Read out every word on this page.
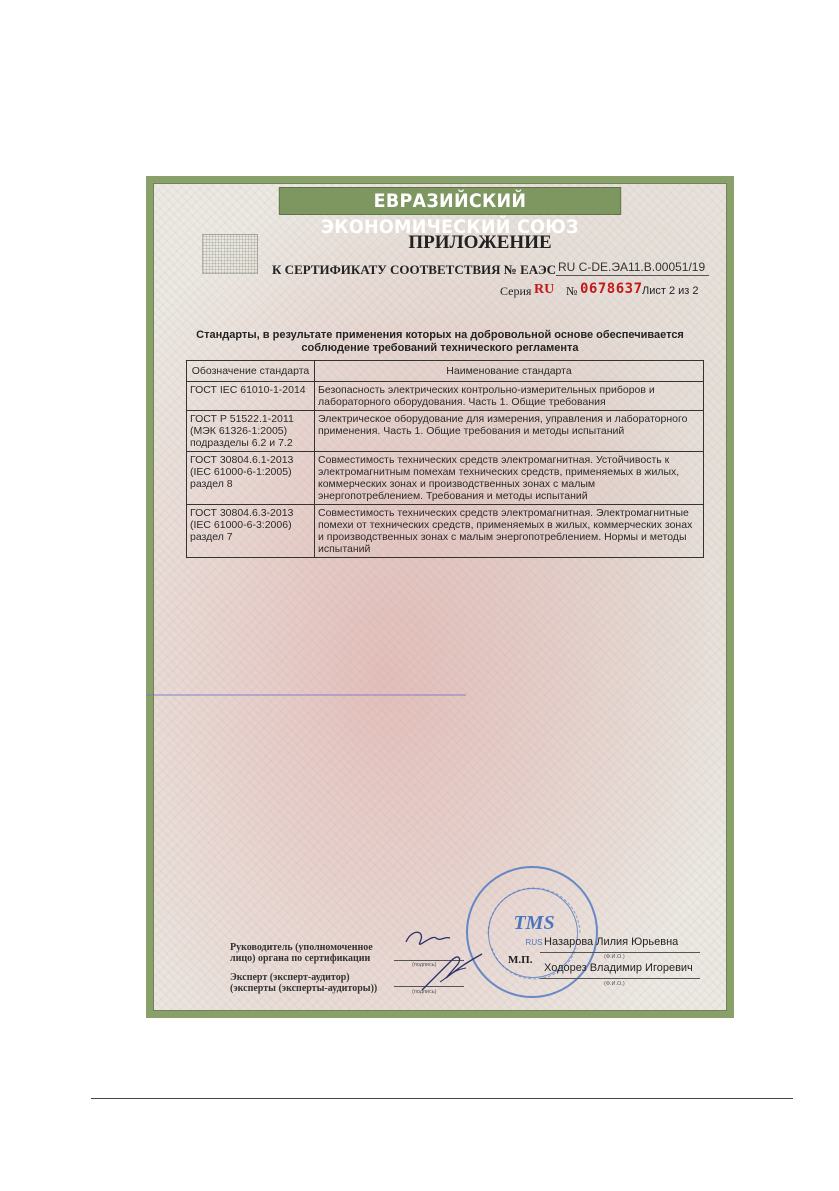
ЕВРАЗИЙСКИЙ ЭКОНОМИЧЕСКИЙ СОЮЗ
ПРИЛОЖЕНИЕ
К СЕРТИФИКАТУ СООТВЕТСТВИЯ № ЕАЭС RU C-DE.ЭА11.В.00051/19
Серия RU № 0678637 Лист 2 из 2
Стандарты, в результате применения которых на добровольной основе обеспечивается соблюдение требований технического регламента
Обозначение стандарта	Наименование стандарта
ГОСТ IEC 61010-1-2014	Безопасность электрических контрольно-измерительных приборов и лабораторного оборудования. Часть 1. Общие требования
ГОСТ Р 51522.1-2011 (МЭК 61326-1:2005) подразделы 6.2 и 7.2	Электрическое оборудование для измерения, управления и лабораторного применения. Часть 1. Общие требования и методы испытаний
ГОСТ 30804.6.1-2013 (IEC 61000-6-1:2005) раздел 8	Совместимость технических средств электромагнитная. Устойчивость к электромагнитным помехам технических средств, применяемых в жилых, коммерческих зонах и производственных зонах с малым энергопотреблением. Требования и методы испытаний
ГОСТ 30804.6.3-2013 (IEC 61000-6-3:2006) раздел 7	Совместимость технических средств электромагнитная. Электромагнитные помехи от технических средств, применяемых в жилых, коммерческих зонах и производственных зонах с малым энергопотреблением. Нормы и методы испытаний
TMS
RUS
Руководитель (уполномоченное лицо) органа по сертификации
(подпись)
Назарова Лилия Юрьевна
(Ф.И.О.)
М.П.
Эксперт (эксперт-аудитор) (эксперты (эксперты-аудиторы))	(подпись)
Ходорез Владимир Игоревич
(Ф.И.О.)
